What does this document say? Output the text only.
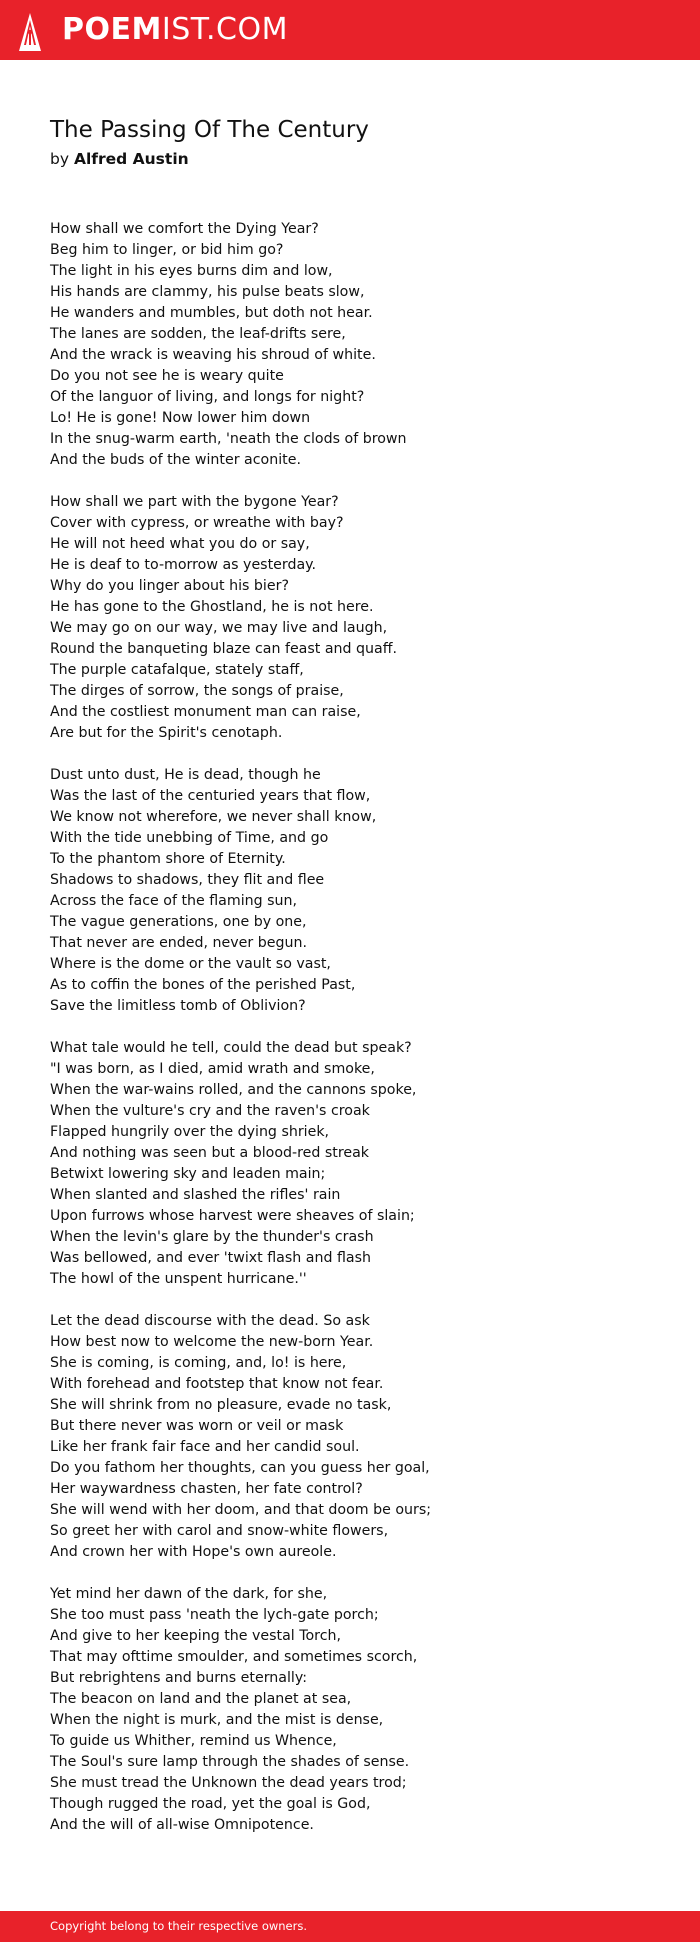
POEMIST.COM
The Passing Of The Century
by Alfred Austin
How shall we comfort the Dying Year?
Beg him to linger, or bid him go?
The light in his eyes burns dim and low,
His hands are clammy, his pulse beats slow,
He wanders and mumbles, but doth not hear.
The lanes are sodden, the leaf-drifts sere,
And the wrack is weaving his shroud of white.
Do you not see he is weary quite
Of the languor of living, and longs for night?
Lo! He is gone! Now lower him down
In the snug-warm earth, 'neath the clods of brown
And the buds of the winter aconite.
How shall we part with the bygone Year?
Cover with cypress, or wreathe with bay?
He will not heed what you do or say,
He is deaf to to-morrow as yesterday.
Why do you linger about his bier?
He has gone to the Ghostland, he is not here.
We may go on our way, we may live and laugh,
Round the banqueting blaze can feast and quaff.
The purple catafalque, stately staff,
The dirges of sorrow, the songs of praise,
And the costliest monument man can raise,
Are but for the Spirit's cenotaph.
Dust unto dust, He is dead, though he
Was the last of the centuried years that flow,
We know not wherefore, we never shall know,
With the tide unebbing of Time, and go
To the phantom shore of Eternity.
Shadows to shadows, they flit and flee
Across the face of the flaming sun,
The vague generations, one by one,
That never are ended, never begun.
Where is the dome or the vault so vast,
As to coffin the bones of the perished Past,
Save the limitless tomb of Oblivion?
What tale would he tell, could the dead but speak?
"I was born, as I died, amid wrath and smoke,
When the war-wains rolled, and the cannons spoke,
When the vulture's cry and the raven's croak
Flapped hungrily over the dying shriek,
And nothing was seen but a blood-red streak
Betwixt lowering sky and leaden main;
When slanted and slashed the rifles' rain
Upon furrows whose harvest were sheaves of slain;
When the levin's glare by the thunder's crash
Was bellowed, and ever 'twixt flash and flash
The howl of the unspent hurricane.''
Let the dead discourse with the dead. So ask
How best now to welcome the new-born Year.
She is coming, is coming, and, lo! is here,
With forehead and footstep that know not fear.
She will shrink from no pleasure, evade no task,
But there never was worn or veil or mask
Like her frank fair face and her candid soul.
Do you fathom her thoughts, can you guess her goal,
Her waywardness chasten, her fate control?
She will wend with her doom, and that doom be ours;
So greet her with carol and snow-white flowers,
And crown her with Hope's own aureole.
Yet mind her dawn of the dark, for she,
She too must pass 'neath the lych-gate porch;
And give to her keeping the vestal Torch,
That may ofttime smoulder, and sometimes scorch,
But rebrightens and burns eternally:
The beacon on land and the planet at sea,
When the night is murk, and the mist is dense,
To guide us Whither, remind us Whence,
The Soul's sure lamp through the shades of sense.
She must tread the Unknown the dead years trod;
Though rugged the road, yet the goal is God,
And the will of all-wise Omnipotence.
Copyright belong to their respective owners.
